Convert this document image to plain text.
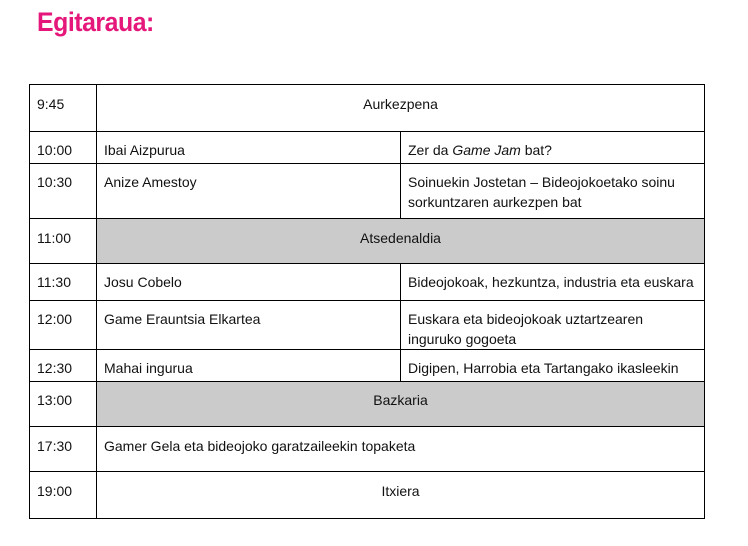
Egitaraua:
9:45	Aurkezpena	
10:00	Ibai Aizpurua	Zer da Game Jam bat?
10:30	Anize Amestoy	Soinuekin Jostetan – Bideojokoetako soinu sorkuntzaren aurkezpen bat
11:00	Atsedenaldia	
11:30	Josu Cobelo	Bideojokoak, hezkuntza, industria eta euskara
12:00	Game Erauntsia Elkartea	Euskara eta bideojokoak uztartzearen inguruko gogoeta
12:30	Mahai ingurua	Digipen, Harrobia eta Tartangako ikasleekin
13:00	Bazkaria	
17:30	Gamer Gela eta bideojoko garatzaileekin topaketa	
19:00	Itxiera	
